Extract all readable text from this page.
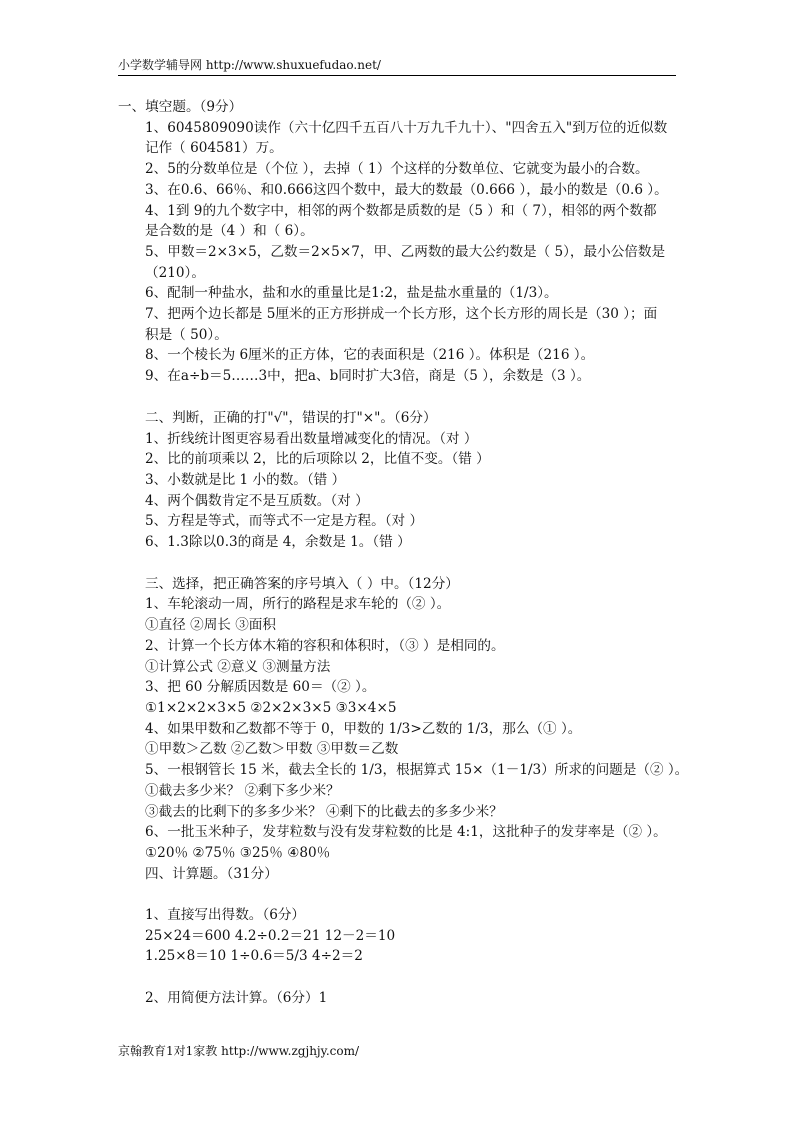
小学数学辅导网 http://www.shuxuefudao.net/
一、填空题。（9分）
1、6045809090读作（六十亿四千五百八十万九千九十）、"四舍五入"到万位的近似数
记作（ 604581）万。
2、5的分数单位是（个位 ），去掉（ 1）个这样的分数单位、它就变为最小的合数。
3、在0.6、66％、和0.666这四个数中，最大的数最（0.666 ），最小的数是（0.6 ）。
4、1到 9的九个数字中，相邻的两个数都是质数的是（5 ）和（ 7），相邻的两个数都
是合数的是（4 ）和（ 6）。
5、甲数＝2×3×5，乙数＝2×5×7，甲、乙两数的最大公约数是（ 5），最小公倍数是
（210）。
6、配制一种盐水，盐和水的重量比是1:2，盐是盐水重量的（1/3）。
7、把两个边长都是 5厘米的正方形拼成一个长方形，这个长方形的周长是（30 ）；面
积是（ 50）。
8、一个棱长为 6厘米的正方体，它的表面积是（216 ）。体积是（216 ）。
9、在a÷b＝5……3中，把a、b同时扩大3倍，商是（5 ），余数是（3 ）。
二、判断，正确的打"√"，错误的打"×"。（6分）
1、折线统计图更容易看出数量增减变化的情况。（对 ）
2、比的前项乘以 2，比的后项除以 2，比值不变。（错 ）
3、小数就是比 1 小的数。（错 ）
4、两个偶数肯定不是互质数。（对 ）
5、方程是等式，而等式不一定是方程。（对 ）
6、1.3除以0.3的商是 4，余数是 1。（错 ）
三、选择，把正确答案的序号填入（ ）中。（12分）
1、车轮滚动一周，所行的路程是求车轮的（② ）。
①直径 ②周长 ③面积
2、计算一个长方体木箱的容积和体积时，（③ ）是相同的。
①计算公式 ②意义 ③测量方法
3、把 60 分解质因数是 60＝（② ）。
①1×2×2×3×5 ②2×2×3×5 ③3×4×5
4、如果甲数和乙数都不等于 0，甲数的 1/3>乙数的 1/3，那么（① ）。
①甲数＞乙数 ②乙数＞甲数 ③甲数＝乙数
5、一根钢管长 15 米，截去全长的 1/3，根据算式 15×（1－1/3）所求的问题是（② ）。
①截去多少米？ ②剩下多少米？
③截去的比剩下的多多少米？ ④剩下的比截去的多多少米？
6、一批玉米种子，发芽粒数与没有发芽粒数的比是 4:1，这批种子的发芽率是（② ）。
①20％ ②75％ ③25％ ④80％
四、计算题。（31分）

1、直接写出得数。（6分）
25×24＝600 4.2÷0.2＝21 12－2＝10
1.25×8＝10 1÷0.6＝5/3 4÷2＝2

2、用简便方法计算。（6分）1
京翰教育1对1家教 http://www.zgjhjy.com/
